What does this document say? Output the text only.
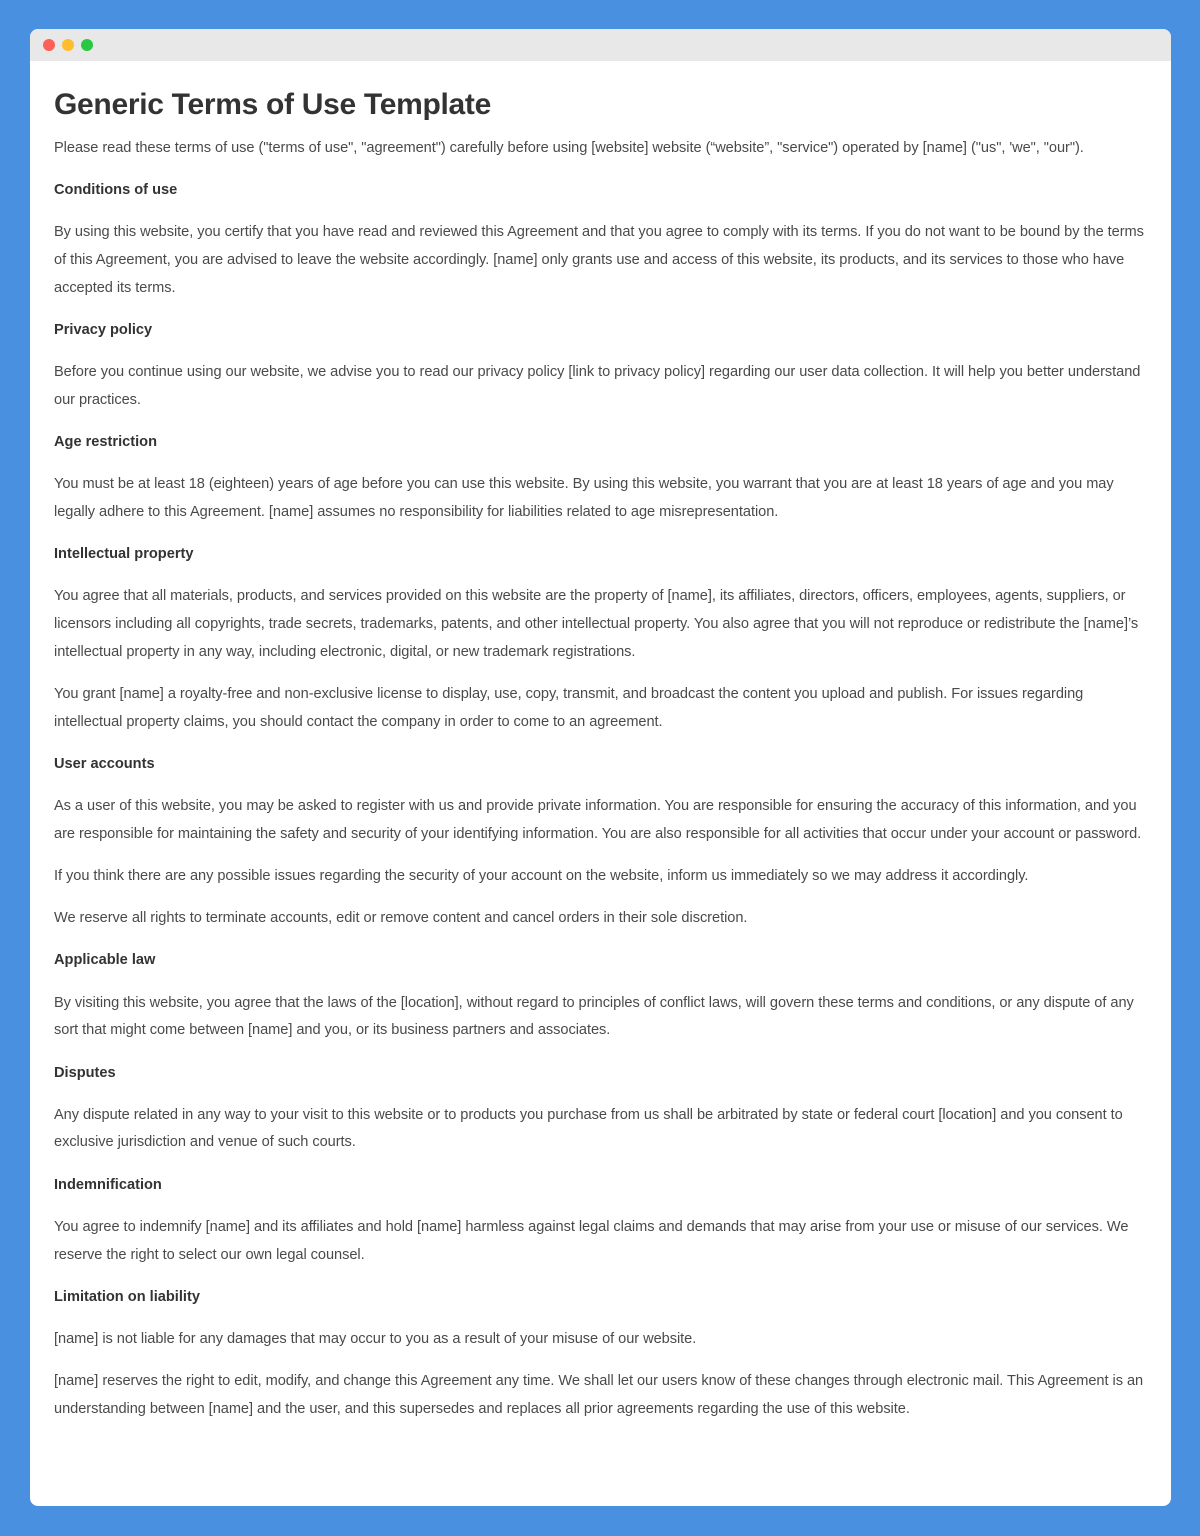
Generic Terms of Use Template

Please read these terms of use ("terms of use", "agreement") carefully before using [website] website (“website”, "service") operated by [name] ("us", 'we", "our").

Conditions of use

By using this website, you certify that you have read and reviewed this Agreement and that you agree to comply with its terms. If you do not want to be bound by the terms of this Agreement, you are advised to leave the website accordingly. [name] only grants use and access of this website, its products, and its services to those who have accepted its terms.

Privacy policy

Before you continue using our website, we advise you to read our privacy policy [link to privacy policy] regarding our user data collection. It will help you better understand our practices.

Age restriction

You must be at least 18 (eighteen) years of age before you can use this website. By using this website, you warrant that you are at least 18 years of age and you may legally adhere to this Agreement. [name] assumes no responsibility for liabilities related to age misrepresentation.

Intellectual property

You agree that all materials, products, and services provided on this website are the property of [name], its affiliates, directors, officers, employees, agents, suppliers, or licensors including all copyrights, trade secrets, trademarks, patents, and other intellectual property. You also agree that you will not reproduce or redistribute the [name]’s intellectual property in any way, including electronic, digital, or new trademark registrations.

You grant [name] a royalty-free and non-exclusive license to display, use, copy, transmit, and broadcast the content you upload and publish. For issues regarding intellectual property claims, you should contact the company in order to come to an agreement.

User accounts

As a user of this website, you may be asked to register with us and provide private information. You are responsible for ensuring the accuracy of this information, and you are responsible for maintaining the safety and security of your identifying information. You are also responsible for all activities that occur under your account or password.

If you think there are any possible issues regarding the security of your account on the website, inform us immediately so we may address it accordingly.

We reserve all rights to terminate accounts, edit or remove content and cancel orders in their sole discretion.

Applicable law

By visiting this website, you agree that the laws of the [location], without regard to principles of conflict laws, will govern these terms and conditions, or any dispute of any sort that might come between [name] and you, or its business partners and associates.

Disputes

Any dispute related in any way to your visit to this website or to products you purchase from us shall be arbitrated by state or federal court [location] and you consent to exclusive jurisdiction and venue of such courts.

Indemnification

You agree to indemnify [name] and its affiliates and hold [name] harmless against legal claims and demands that may arise from your use or misuse of our services. We reserve the right to select our own legal counsel.

Limitation on liability

[name] is not liable for any damages that may occur to you as a result of your misuse of our website.

[name] reserves the right to edit, modify, and change this Agreement any time. We shall let our users know of these changes through electronic mail. This Agreement is an understanding between [name] and the user, and this supersedes and replaces all prior agreements regarding the use of this website.
